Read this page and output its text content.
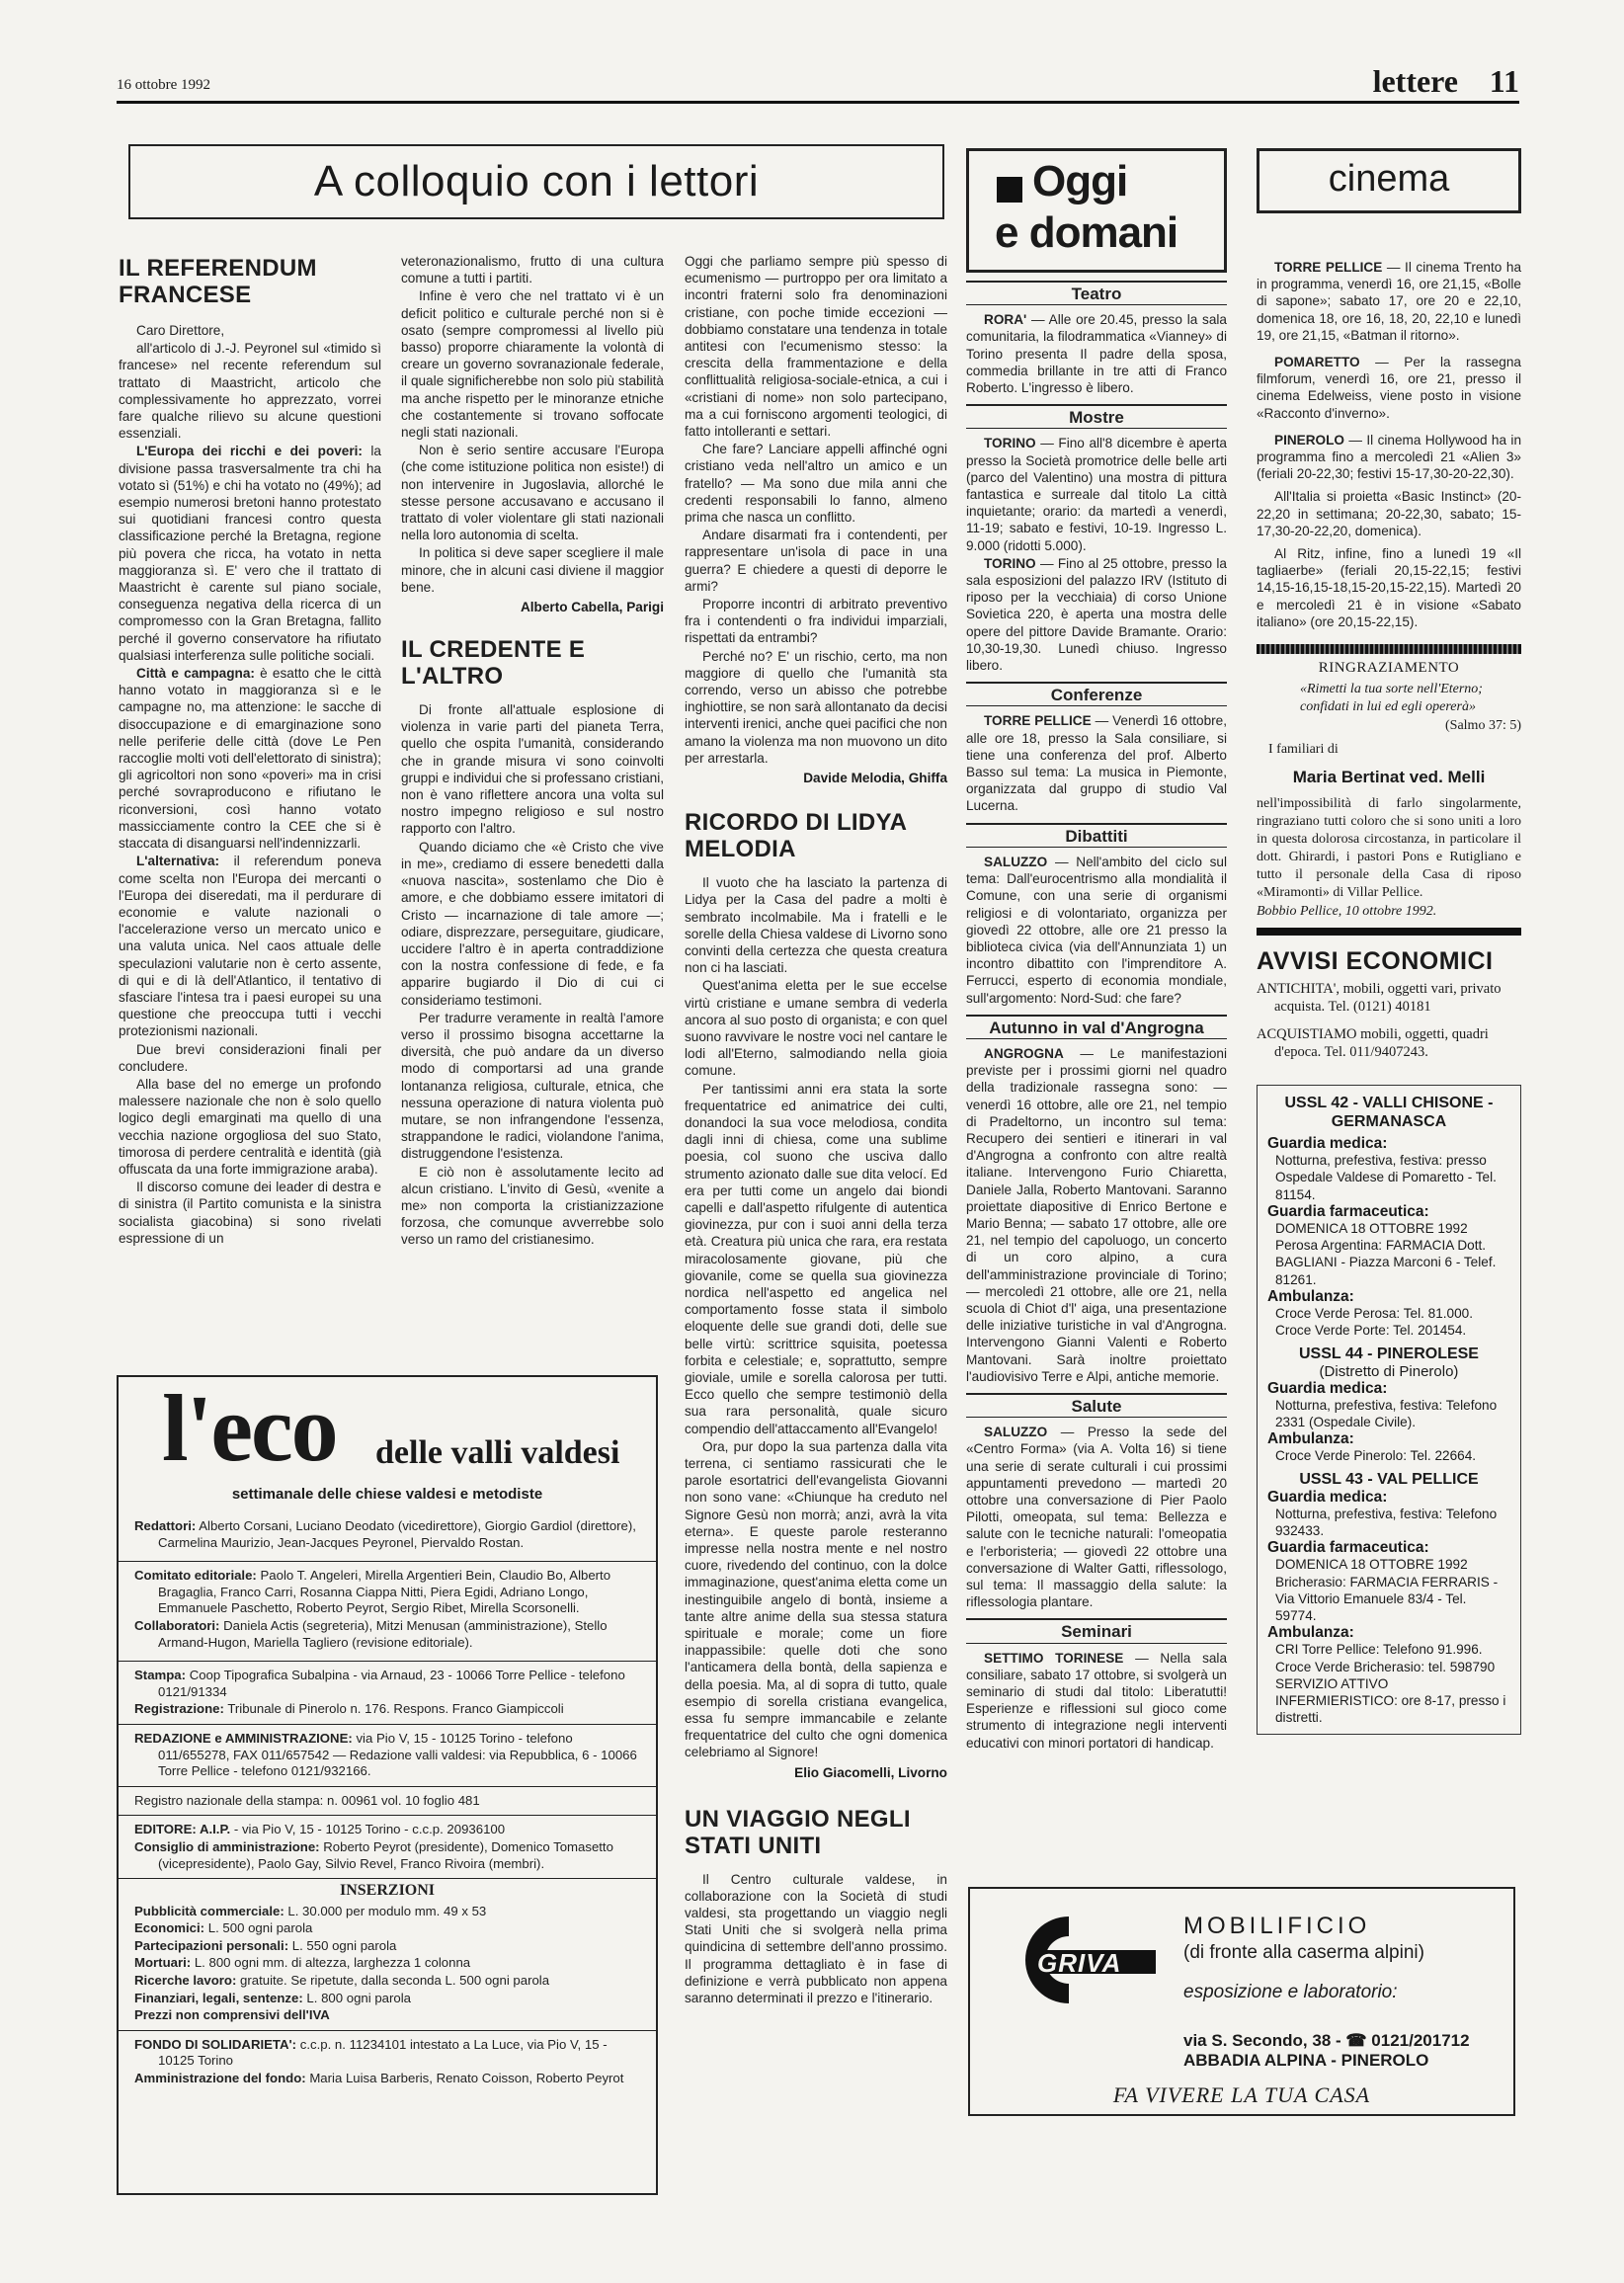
16 ottobre 1992	lettere 11
A colloquio con i lettori
IL REFERENDUM FRANCESE

Caro Direttore,

all'articolo di J.-J. Peyronel sul «timido sì francese» nel recente referendum sul trattato di Maastricht, articolo che complessivamente ho apprezzato, vorrei fare qualche rilievo su alcune questioni essenziali.

L'Europa dei ricchi e dei poveri: la divisione passa trasversalmente tra chi ha votato sì (51%) e chi ha votato no (49%); ad esempio numerosi bretoni hanno protestato sui quotidiani francesi contro questa classificazione perché la Bretagna, regione più povera che ricca, ha votato in netta maggioranza sì. E' vero che il trattato di Maastricht è carente sul piano sociale, conseguenza negativa della ricerca di un compromesso con la Gran Bretagna, fallito perché il governo conservatore ha rifiutato qualsiasi interferenza sulle politiche sociali.

Città e campagna: è esatto che le città hanno votato in maggioranza sì e le campagne no, ma attenzione: le sacche di disoccupazione e di emarginazione sono nelle periferie delle città (dove Le Pen raccoglie molti voti dell'elettorato di sinistra); gli agricoltori non sono «poveri» ma in crisi perché sovraproducono e rifiutano le riconversioni, così hanno votato massicciamente contro la CEE che si è staccata di disanguarsi nell'indennizzarli.

L'alternativa: il referendum poneva come scelta non l'Europa dei mercanti o l'Europa dei diseredati, ma il perdurare di economie e valute nazionali o l'accelerazione verso un mercato unico e una valuta unica. Nel caos attuale delle speculazioni valutarie non è certo assente, di qui e di là dell'Atlantico, il tentativo di sfasciare l'intesa tra i paesi europei su una questione che preoccupa tutti i vecchi protezionismi nazionali.

Due brevi considerazioni finali per concludere.

Alla base del no emerge un profondo malessere nazionale che non è solo quello logico degli emarginati ma quello di una vecchia nazione orgogliosa del suo Stato, timorosa di perdere centralità e identità (già offuscata da una forte immigrazione araba).

Il discorso comune dei leader di destra e di sinistra (il Partito comunista e la sinistra socialista giacobina) si sono rivelati espressione di un

veteronazionalismo, frutto di una cultura comune a tutti i partiti.

Infine è vero che nel trattato vi è un deficit politico e culturale perché non si è osato (sempre compromessi al livello più basso) proporre chiaramente la volontà di creare un governo sovranazionale federale, il quale significherebbe non solo più stabilità ma anche rispetto per le minoranze etniche che costantemente si trovano soffocate negli stati nazionali.

Non è serio sentire accusare l'Europa (che come istituzione politica non esiste!) di non intervenire in Jugoslavia, allorché le stesse persone accusavano e accusano il trattato di voler violentare gli stati nazionali nella loro autonomia di scelta.

In politica si deve saper scegliere il male minore, che in alcuni casi diviene il maggior bene.

Alberto Cabella, Parigi
IL CREDENTE E L'ALTRO

Di fronte all'attuale esplosione di violenza in varie parti del pianeta Terra, quello che ospita l'umanità, considerando che in grande misura vi sono coinvolti gruppi e individui che si professano cristiani, non è vano riflettere ancora una volta sul nostro impegno religioso e sul nostro rapporto con l'altro.

Quando diciamo che «è Cristo che vive in me», crediamo di essere benedetti dalla «nuova nascita», sostenlamo che Dio è amore, e che dobbiamo essere imitatori di Cristo — incarnazione di tale amore —; odiare, disprezzare, perseguitare, giudicare, uccidere l'altro è in aperta contraddizione con la nostra confessione di fede, e fa apparire bugiardo il Dio di cui ci consideriamo testimoni.

Per tradurre veramente in realtà l'amore verso il prossimo bisogna accettarne la diversità, che può andare da un diverso modo di comportarsi ad una grande lontananza religiosa, culturale, etnica, che nessuna operazione di natura violenta può mutare, se non infrangendone l'essenza, strappandone le radici, violandone l'anima, distruggendone l'esistenza.

E ciò non è assolutamente lecito ad alcun cristiano. L'invito di Gesù, «venite a me» non comporta la cristianizzazione forzosa, che comunque avverrebbe solo verso un ramo del cristianesimo.

Oggi che parliamo sempre più spesso di ecumenismo — purtroppo per ora limitato a incontri fraterni solo fra denominazioni cristiane, con poche timide eccezioni — dobbiamo constatare una tendenza in totale antitesi con l'ecumenismo stesso: la crescita della frammentazione e della conflittualità religiosa-sociale-etnica, a cui i «cristiani di nome» non solo partecipano, ma a cui forniscono argomenti teologici, di fatto intolleranti e settari.

Che fare? Lanciare appelli affinché ogni cristiano veda nell'altro un amico e un fratello? — Ma sono due mila anni che credenti responsabili lo fanno, almeno prima che nasca un conflitto.

Andare disarmati fra i contendenti, per rappresentare un'isola di pace in una guerra? E chiedere a questi di deporre le armi?

Proporre incontri di arbitrato preventivo fra i contendenti o fra individui imparziali, rispettati da entrambi?

Perché no? E' un rischio, certo, ma non maggiore di quello che l'umanità sta correndo, verso un abisso che potrebbe inghiottire, se non sarà allontanato da decisi interventi irenici, anche quei pacifici che non amano la violenza ma non muovono un dito per arrestarla.

Davide Melodia, Ghiffa
RICORDO DI LIDYA MELODIA

Il vuoto che ha lasciato la partenza di Lidya per la Casa del padre a molti è sembrato incolmabile. Ma i fratelli e le sorelle della Chiesa valdese di Livorno sono convinti della certezza che questa creatura non ci ha lasciati.

Quest'anima eletta per le sue eccelse virtù cristiane e umane sembra di vederla ancora al suo posto di organista; e con quel suono ravvivare le nostre voci nel cantare le lodi all'Eterno, salmodiando nella gioia comune.

Per tantissimi anni era stata la sorte frequentatrice ed animatrice dei culti, donandoci la sua voce melodiosa, condita dagli inni di chiesa, come una sublime poesia, col suono che usciva dallo strumento azionato dalle sue dita velocí. Ed era per tutti come un angelo dai biondi capelli e dall'aspetto rifulgente di autentica giovinezza, pur con i suoi anni della terza età. Creatura più unica che rara, era restata miracolosamente giovane, più che giovanile, come se quella sua giovinezza nordica nell'aspetto ed angelica nel comportamento fosse stata il simbolo eloquente delle sue grandi doti, delle sue belle virtù: scrittrice squisita, poetessa forbita e celestiale; e, soprattutto, sempre gioviale, umile e sorella calorosa per tutti. Ecco quello che sempre testimoniò della sua rara personalità, quale sicuro compendio dell'attaccamento all'Evangelo!

Ora, pur dopo la sua partenza dalla vita terrena, ci sentiamo rassicurati che le parole esortatrici dell'evangelista Giovanni non sono vane: «Chiunque ha creduto nel Signore Gesù non morrà; anzi, avrà la vita eterna». E queste parole resteranno impresse nella nostra mente e nel nostro cuore, rivedendo del continuo, con la dolce immaginazione, quest'anima eletta come un inestinguibile angelo di bontà, insieme a tante altre anime della sua stessa statura spirituale e morale; come un fiore inappassibile: quelle doti che sono l'anticamera della bontà, della sapienza e della poesia. Ma, al di sopra di tutto, quale esempio di sorella cristiana evangelica, essa fu sempre immancabile e zelante frequentatrice del culto che ogni domenica celebriamo al Signore!

Elio Giacomelli, Livorno
UN VIAGGIO NEGLI STATI UNITI

Il Centro culturale valdese, in collaborazione con la Società di studi valdesi, sta progettando un viaggio negli Stati Uniti che si svolgerà nella prima quindicina di settembre dell'anno prossimo. Il programma dettagliato è in fase di definizione e verrà pubblicato non appena saranno determinati il prezzo e l'itinerario.

l'eco delle valli valdesi
settimanale delle chiese valdesi e metodiste

Redattori: Alberto Corsani, Luciano Deodato (vicedirettore), Giorgio Gardiol (direttore), Carmelina Maurizio, Jean-Jacques Peyronel, Piervaldo Rostan.

Comitato editoriale: Paolo T. Angeleri, Mirella Argentieri Bein, Claudio Bo, Alberto Bragaglia, Franco Carri, Rosanna Ciappa Nitti, Piera Egidi, Adriano Longo, Emmanuele Paschetto, Roberto Peyrot, Sergio Ribet, Mirella Scorsonelli.

Collaboratori: Daniela Actis (segreteria), Mitzi Menusan (amministrazione), Stello Armand-Hugon, Mariella Tagliero (revisione editoriale).

Stampa: Coop Tipografica Subalpina - via Arnaud, 23 - 10066 Torre Pellice - telefono 0121/91334

Registrazione: Tribunale di Pinerolo n. 176. Respons. Franco Giampiccoli

REDAZIONE e AMMINISTRAZIONE: via Pio V, 15 - 10125 Torino - telefono 011/655278, FAX 011/657542 — Redazione valli valdesi: via Repubblica, 6 - 10066 Torre Pellice - telefono 0121/932166.

Registro nazionale della stampa: n. 00961 vol. 10 foglio 481

EDITORE: A.I.P. - via Pio V, 15 - 10125 Torino - c.c.p. 20936100

Consiglio di amministrazione: Roberto Peyrot (presidente), Domenico Tomasetto (vicepresidente), Paolo Gay, Silvio Revel, Franco Rivoira (membri).

INSERZIONI

Pubblicità commerciale: L. 30.000 per modulo mm. 49 x 53

Economici: L. 500 ogni parola

Partecipazioni personali: L. 550 ogni parola

Mortuari: L. 800 ogni mm. di altezza, larghezza 1 colonna

Ricerche lavoro: gratuite. Se ripetute, dalla seconda L. 500 ogni parola

Finanziari, legali, sentenze: L. 800 ogni parola

Prezzi non comprensivi dell'IVA

FONDO DI SOLIDARIETA': c.c.p. n. 11234101 intestato a La Luce, via Pio V, 15 - 10125 Torino

Amministrazione del fondo: Maria Luisa Barberis, Renato Coisson, Roberto Peyrot

Oggi
e domani
Teatro

RORA' — Alle ore 20.45, presso la sala comunitaria, la filodrammatica «Vianney» di Torino presenta Il padre della sposa, commedia brillante in tre atti di Franco Roberto. L'ingresso è libero.

Mostre

TORINO — Fino all'8 dicembre è aperta presso la Società promotrice delle belle arti (parco del Valentino) una mostra di pittura fantastica e surreale dal titolo La città inquietante; orario: da martedì a venerdì, 11-19; sabato e festivi, 10-19. Ingresso L. 9.000 (ridotti 5.000).

TORINO — Fino al 25 ottobre, presso la sala esposizioni del palazzo IRV (Istituto di riposo per la vecchiaia) di corso Unione Sovietica 220, è aperta una mostra delle opere del pittore Davide Bramante. Orario: 10,30-19,30. Lunedì chiuso. Ingresso libero.

Conferenze

TORRE PELLICE — Venerdì 16 ottobre, alle ore 18, presso la Sala consiliare, si tiene una conferenza del prof. Alberto Basso sul tema: La musica in Piemonte, organizzata dal gruppo di studio Val Lucerna.

Dibattiti

SALUZZO — Nell'ambito del ciclo sul tema: Dall'eurocentrismo alla mondialità il Comune, con una serie di organismi religiosi e di volontariato, organizza per giovedì 22 ottobre, alle ore 21 presso la biblioteca civica (via dell'Annunziata 1) un incontro dibattito con l'imprenditore A. Ferrucci, esperto di economia mondiale, sull'argomento: Nord-Sud: che fare?

Autunno in val d'Angrogna

ANGROGNA — Le manifestazioni previste per i prossimi giorni nel quadro della tradizionale rassegna sono: — venerdì 16 ottobre, alle ore 21, nel tempio di Pradeltorno, un incontro sul tema: Recupero dei sentieri e itinerari in val d'Angrogna a confronto con altre realtà italiane. Intervengono Furio Chiaretta, Daniele Jalla, Roberto Mantovani. Saranno proiettate diapositive di Enrico Bertone e Mario Benna; — sabato 17 ottobre, alle ore 21, nel tempio del capoluogo, un concerto di un coro alpino, a cura dell'amministrazione provinciale di Torino; — mercoledì 21 ottobre, alle ore 21, nella scuola di Chiot d'l' aiga, una presentazione delle iniziative turistiche in val d'Angrogna. Intervengono Gianni Valenti e Roberto Mantovani. Sarà inoltre proiettato l'audiovisivo Terre e Alpi, antiche memorie.

Salute

SALUZZO — Presso la sede del «Centro Forma» (via A. Volta 16) si tiene una serie di serate culturali i cui prossimi appuntamenti prevedono — martedì 20 ottobre una conversazione di Pier Paolo Pilotti, omeopata, sul tema: Bellezza e salute con le tecniche naturali: l'omeopatia e l'erboristeria; — giovedì 22 ottobre una conversazione di Walter Gatti, riflessologo, sul tema: Il massaggio della salute: la riflessologia plantare.

Seminari

SETTIMO TORINESE — Nella sala consiliare, sabato 17 ottobre, si svolgerà un seminario di studi dal titolo: Liberatutti! Esperienze e riflessioni sul gioco come strumento di integrazione negli interventi educativi con minori portatori di handicap.

cinema

TORRE PELLICE — Il cinema Trento ha in programma, venerdì 16, ore 21,15, «Bolle di sapone»; sabato 17, ore 20 e 22,10, domenica 18, ore 16, 18, 20, 22,10 e lunedì 19, ore 21,15, «Batman il ritorno».

POMARETTO — Per la rassegna filmforum, venerdì 16, ore 21, presso il cinema Edelweiss, viene posto in visione «Racconto d'inverno».

PINEROLO — Il cinema Hollywood ha in programma fino a mercoledì 21 «Alien 3» (feriali 20-22,30; festivi 15-17,30-20-22,30).

All'Italia si proietta «Basic Instinct» (20-22,20 in settimana; 20-22,30, sabato; 15-17,30-20-22,20, domenica).

Al Ritz, infine, fino a lunedì 19 «Il tagliaerbe» (feriali 20,15-22,15; festivi 14,15-16,15-18,15-20,15-22,15). Martedì 20 e mercoledì 21 è in visione «Sabato italiano» (ore 20,15-22,15).

RINGRAZIAMENTO
«Rimetti la tua sorte nell'Eterno; confidati in lui ed egli opererà»
(Salmo 37: 5)
I familiari di
Maria Bertinat ved. Melli
nell'impossibilità di farlo singolarmente, ringraziano tutti coloro che si sono uniti a loro in questa dolorosa circostanza, in particolare il dott. Ghirardi, i pastori Pons e Rutigliano e tutto il personale della Casa di riposo «Miramonti» di Villar Pellice.
Bobbio Pellice, 10 ottobre 1992.
AVVISI ECONOMICI

ANTICHITA', mobili, oggetti vari, privato acquista. Tel. (0121) 40181

ACQUISTIAMO mobili, oggetti, quadri d'epoca. Tel. 011/9407243.

USSL 42 - VALLI CHISONE - GERMANASCA
Guardia medica:
Notturna, prefestiva, festiva: presso Ospedale Valdese di Pomaretto - Tel. 81154.
Guardia farmaceutica:
DOMENICA 18 OTTOBRE 1992 Perosa Argentina: FARMACIA Dott. BAGLIANI - Piazza Marconi 6 - Telef. 81261.
Ambulanza:
Croce Verde Perosa: Tel. 81.000. Croce Verde Porte: Tel. 201454.
USSL 44 - PINEROLESE
(Distretto di Pinerolo)
Guardia medica:
Notturna, prefestiva, festiva: Telefono 2331 (Ospedale Civile).
Ambulanza:
Croce Verde Pinerolo: Tel. 22664.
USSL 43 - VAL PELLICE
Guardia medica:
Notturna, prefestiva, festiva: Telefono 932433.
Guardia farmaceutica:
DOMENICA 18 OTTOBRE 1992 Bricherasio: FARMACIA FERRARIS - Via Vittorio Emanuele 83/4 - Tel. 59774.
Ambulanza:
CRI Torre Pellice: Telefono 91.996. Croce Verde Bricherasio: tel. 598790 SERVIZIO ATTIVO INFERMIERISTICO: ore 8-17, presso i distretti.
GRIVA
MOBILIFICIO
(di fronte alla caserma alpini)
esposizione e laboratorio:
via S. Secondo, 38 - ☎ 0121/201712
ABBADIA ALPINA - PINEROLO
FA VIVERE LA TUA CASA
